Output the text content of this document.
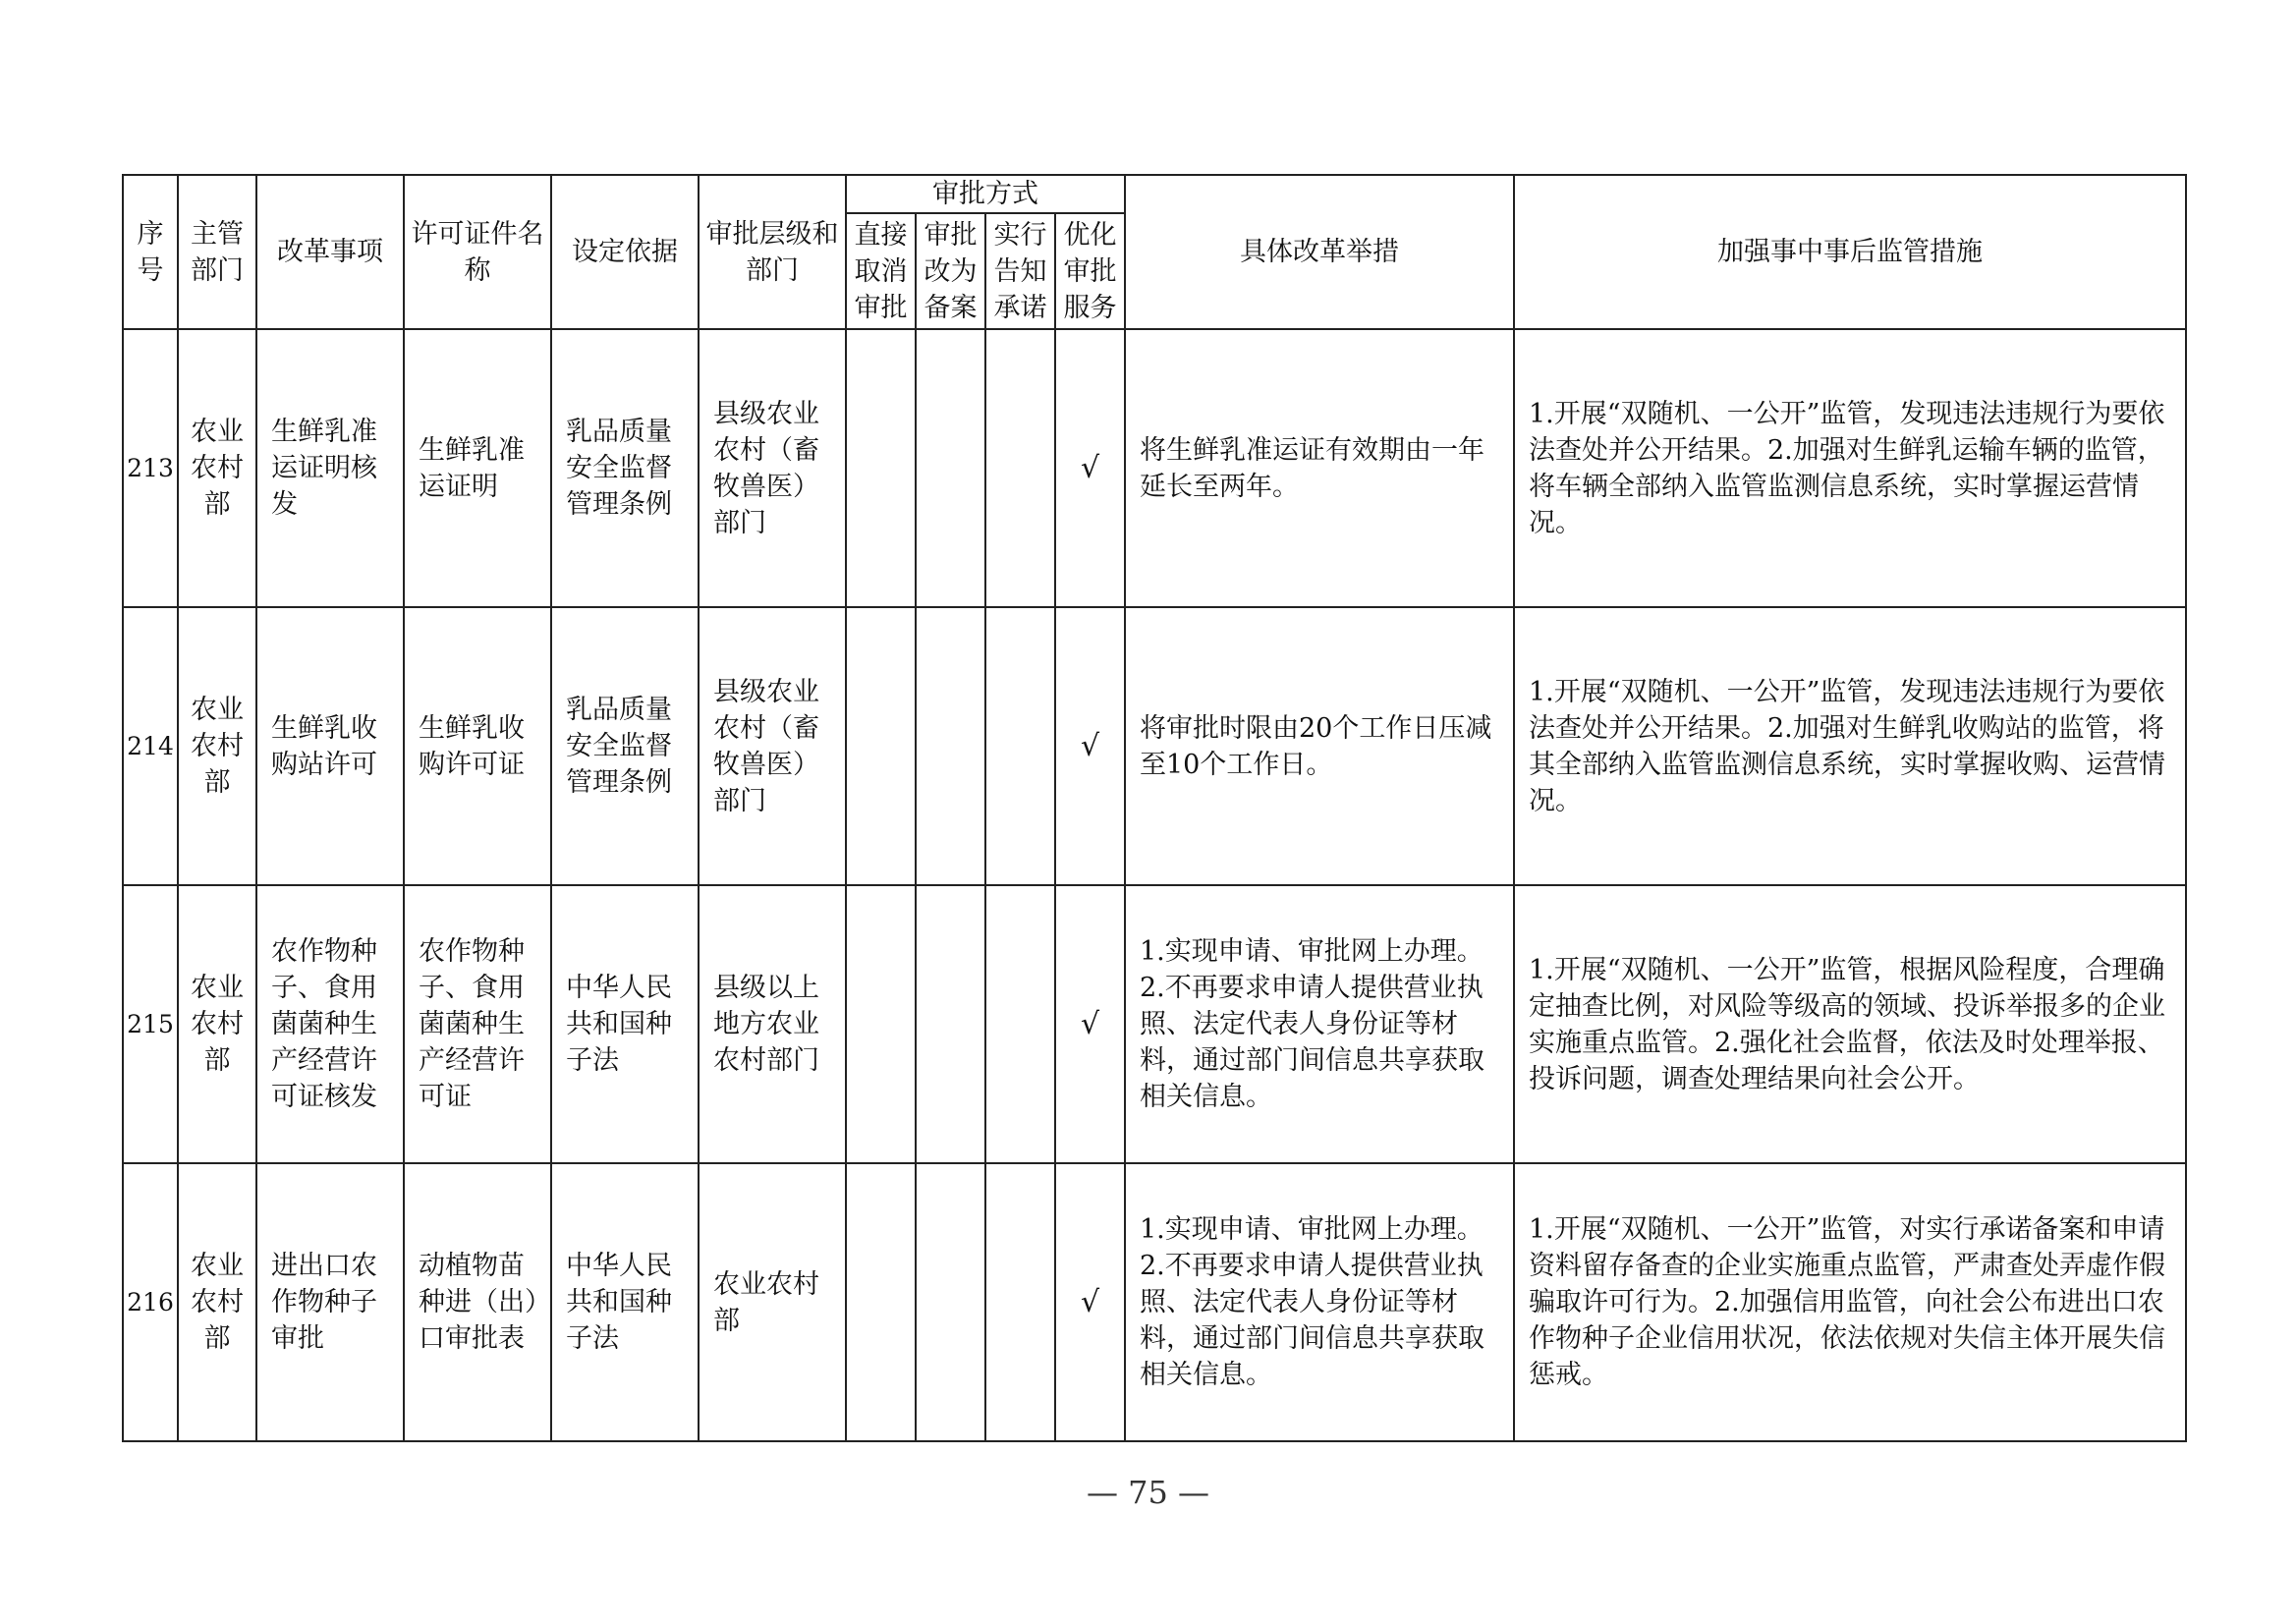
序号	主管部门	改革事项	许可证件名称	设定依据	审批层级和部门	审批方式				具体改革举措	加强事中事后监管措施
						直接取消审批	审批改为备案	实行告知承诺	优化审批服务		
213	农业农村部	生鲜乳准运证明核发	生鲜乳准运证明	乳品质量安全监督管理条例	县级农业农村（畜牧兽医）部门				√	将生鲜乳准运证有效期由一年延长至两年。	1.开展“双随机、一公开”监管，发现违法违规行为要依法查处并公开结果。2.加强对生鲜乳运输车辆的监管，将车辆全部纳入监管监测信息系统，实时掌握运营情况。
214	农业农村部	生鲜乳收购站许可	生鲜乳收购许可证	乳品质量安全监督管理条例	县级农业农村（畜牧兽医）部门				√	将审批时限由20个工作日压减至10个工作日。	1.开展“双随机、一公开”监管，发现违法违规行为要依法查处并公开结果。2.加强对生鲜乳收购站的监管，将其全部纳入监管监测信息系统，实时掌握收购、运营情况。
215	农业农村部	农作物种子、食用菌菌种生产经营许可证核发	农作物种子、食用菌菌种生产经营许可证	中华人民共和国种子法	县级以上地方农业农村部门				√	1.实现申请、审批网上办理。2.不再要求申请人提供营业执照、法定代表人身份证等材料，通过部门间信息共享获取相关信息。	1.开展“双随机、一公开”监管，根据风险程度，合理确定抽查比例，对风险等级高的领域、投诉举报多的企业实施重点监管。2.强化社会监督，依法及时处理举报、投诉问题，调查处理结果向社会公开。
216	农业农村部	进出口农作物种子审批	动植物苗种进（出）口审批表	中华人民共和国种子法	农业农村部				√	1.实现申请、审批网上办理。2.不再要求申请人提供营业执照、法定代表人身份证等材料，通过部门间信息共享获取相关信息。	1.开展“双随机、一公开”监管，对实行承诺备案和申请资料留存备查的企业实施重点监管，严肃查处弄虚作假骗取许可行为。2.加强信用监管，向社会公布进出口农作物种子企业信用状况，依法依规对失信主体开展失信惩戒。
— 75 —
